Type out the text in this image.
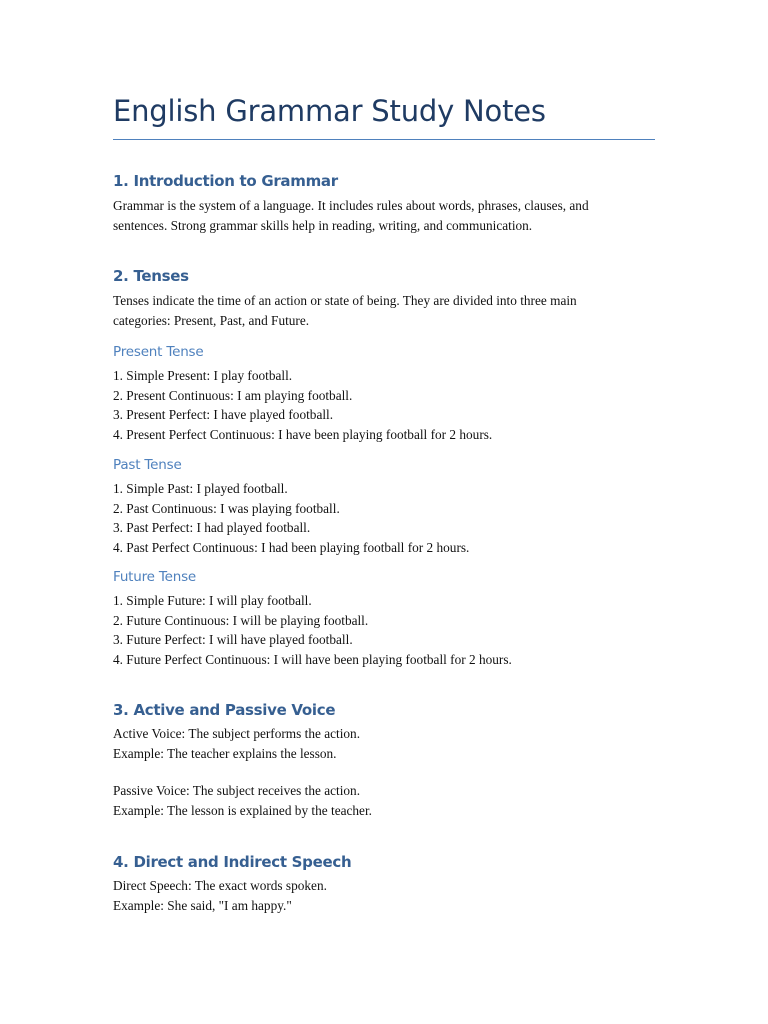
English Grammar Study Notes
1. Introduction to Grammar

Grammar is the system of a language. It includes rules about words, phrases, clauses, and
sentences. Strong grammar skills help in reading, writing, and communication.

2. Tenses

Tenses indicate the time of an action or state of being. They are divided into three main
categories: Present, Past, and Future.

Present Tense

1. Simple Present: I play football.
2. Present Continuous: I am playing football.
3. Present Perfect: I have played football.
4. Present Perfect Continuous: I have been playing football for 2 hours.

Past Tense

1. Simple Past: I played football.
2. Past Continuous: I was playing football.
3. Past Perfect: I had played football.
4. Past Perfect Continuous: I had been playing football for 2 hours.

Future Tense

1. Simple Future: I will play football.
2. Future Continuous: I will be playing football.
3. Future Perfect: I will have played football.
4. Future Perfect Continuous: I will have been playing football for 2 hours.

3. Active and Passive Voice

Active Voice: The subject performs the action.
Example: The teacher explains the lesson.

Passive Voice: The subject receives the action.
Example: The lesson is explained by the teacher.

4. Direct and Indirect Speech

Direct Speech: The exact words spoken.
Example: She said, "I am happy."
